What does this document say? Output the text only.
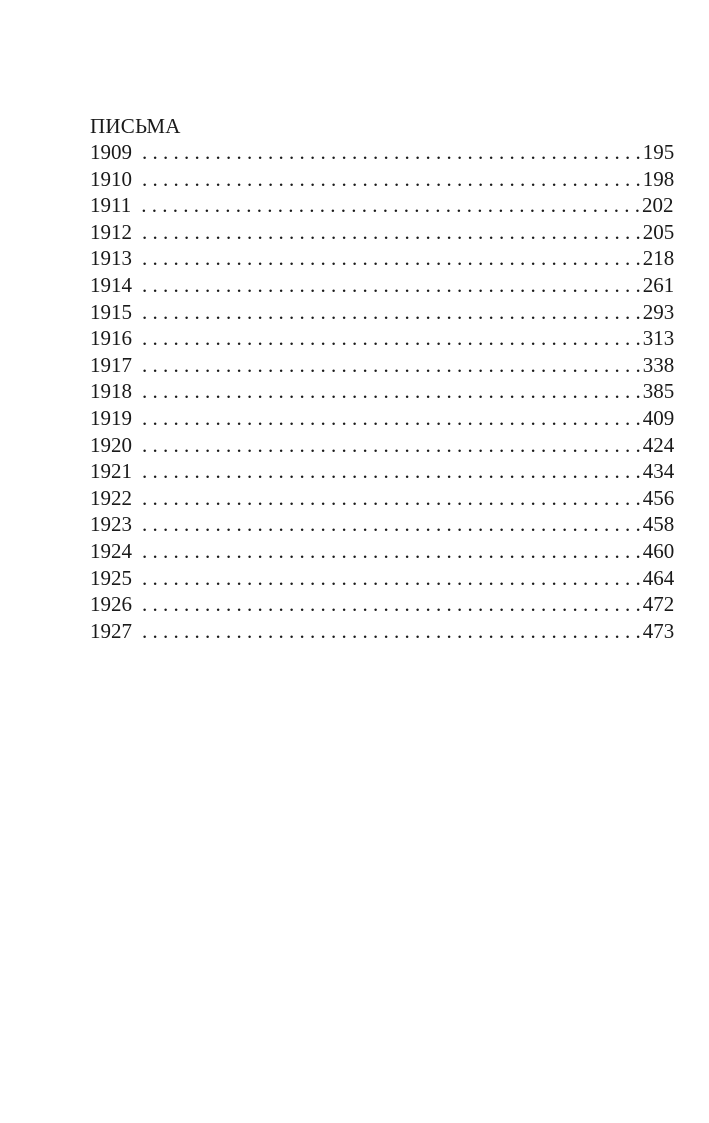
ПИСЬМА
1909 . . . . . . . . . . . . . . . . . . . . . . . . . . . . . . . . . . . . . . . . . . . . . . . . 195
1910 . . . . . . . . . . . . . . . . . . . . . . . . . . . . . . . . . . . . . . . . . . . . . . . . 198
1911 . . . . . . . . . . . . . . . . . . . . . . . . . . . . . . . . . . . . . . . . . . . . . . . . 202
1912 . . . . . . . . . . . . . . . . . . . . . . . . . . . . . . . . . . . . . . . . . . . . . . . . 205
1913 . . . . . . . . . . . . . . . . . . . . . . . . . . . . . . . . . . . . . . . . . . . . . . . . 218
1914 . . . . . . . . . . . . . . . . . . . . . . . . . . . . . . . . . . . . . . . . . . . . . . . . 261
1915 . . . . . . . . . . . . . . . . . . . . . . . . . . . . . . . . . . . . . . . . . . . . . . . . 293
1916 . . . . . . . . . . . . . . . . . . . . . . . . . . . . . . . . . . . . . . . . . . . . . . . . 313
1917 . . . . . . . . . . . . . . . . . . . . . . . . . . . . . . . . . . . . . . . . . . . . . . . . 338
1918 . . . . . . . . . . . . . . . . . . . . . . . . . . . . . . . . . . . . . . . . . . . . . . . . 385
1919 . . . . . . . . . . . . . . . . . . . . . . . . . . . . . . . . . . . . . . . . . . . . . . . . 409
1920 . . . . . . . . . . . . . . . . . . . . . . . . . . . . . . . . . . . . . . . . . . . . . . . . 424
1921 . . . . . . . . . . . . . . . . . . . . . . . . . . . . . . . . . . . . . . . . . . . . . . . . 434
1922 . . . . . . . . . . . . . . . . . . . . . . . . . . . . . . . . . . . . . . . . . . . . . . . . 456
1923 . . . . . . . . . . . . . . . . . . . . . . . . . . . . . . . . . . . . . . . . . . . . . . . . 458
1924 . . . . . . . . . . . . . . . . . . . . . . . . . . . . . . . . . . . . . . . . . . . . . . . . 460
1925 . . . . . . . . . . . . . . . . . . . . . . . . . . . . . . . . . . . . . . . . . . . . . . . . 464
1926 . . . . . . . . . . . . . . . . . . . . . . . . . . . . . . . . . . . . . . . . . . . . . . . . 472
1927 . . . . . . . . . . . . . . . . . . . . . . . . . . . . . . . . . . . . . . . . . . . . . . . . 473
